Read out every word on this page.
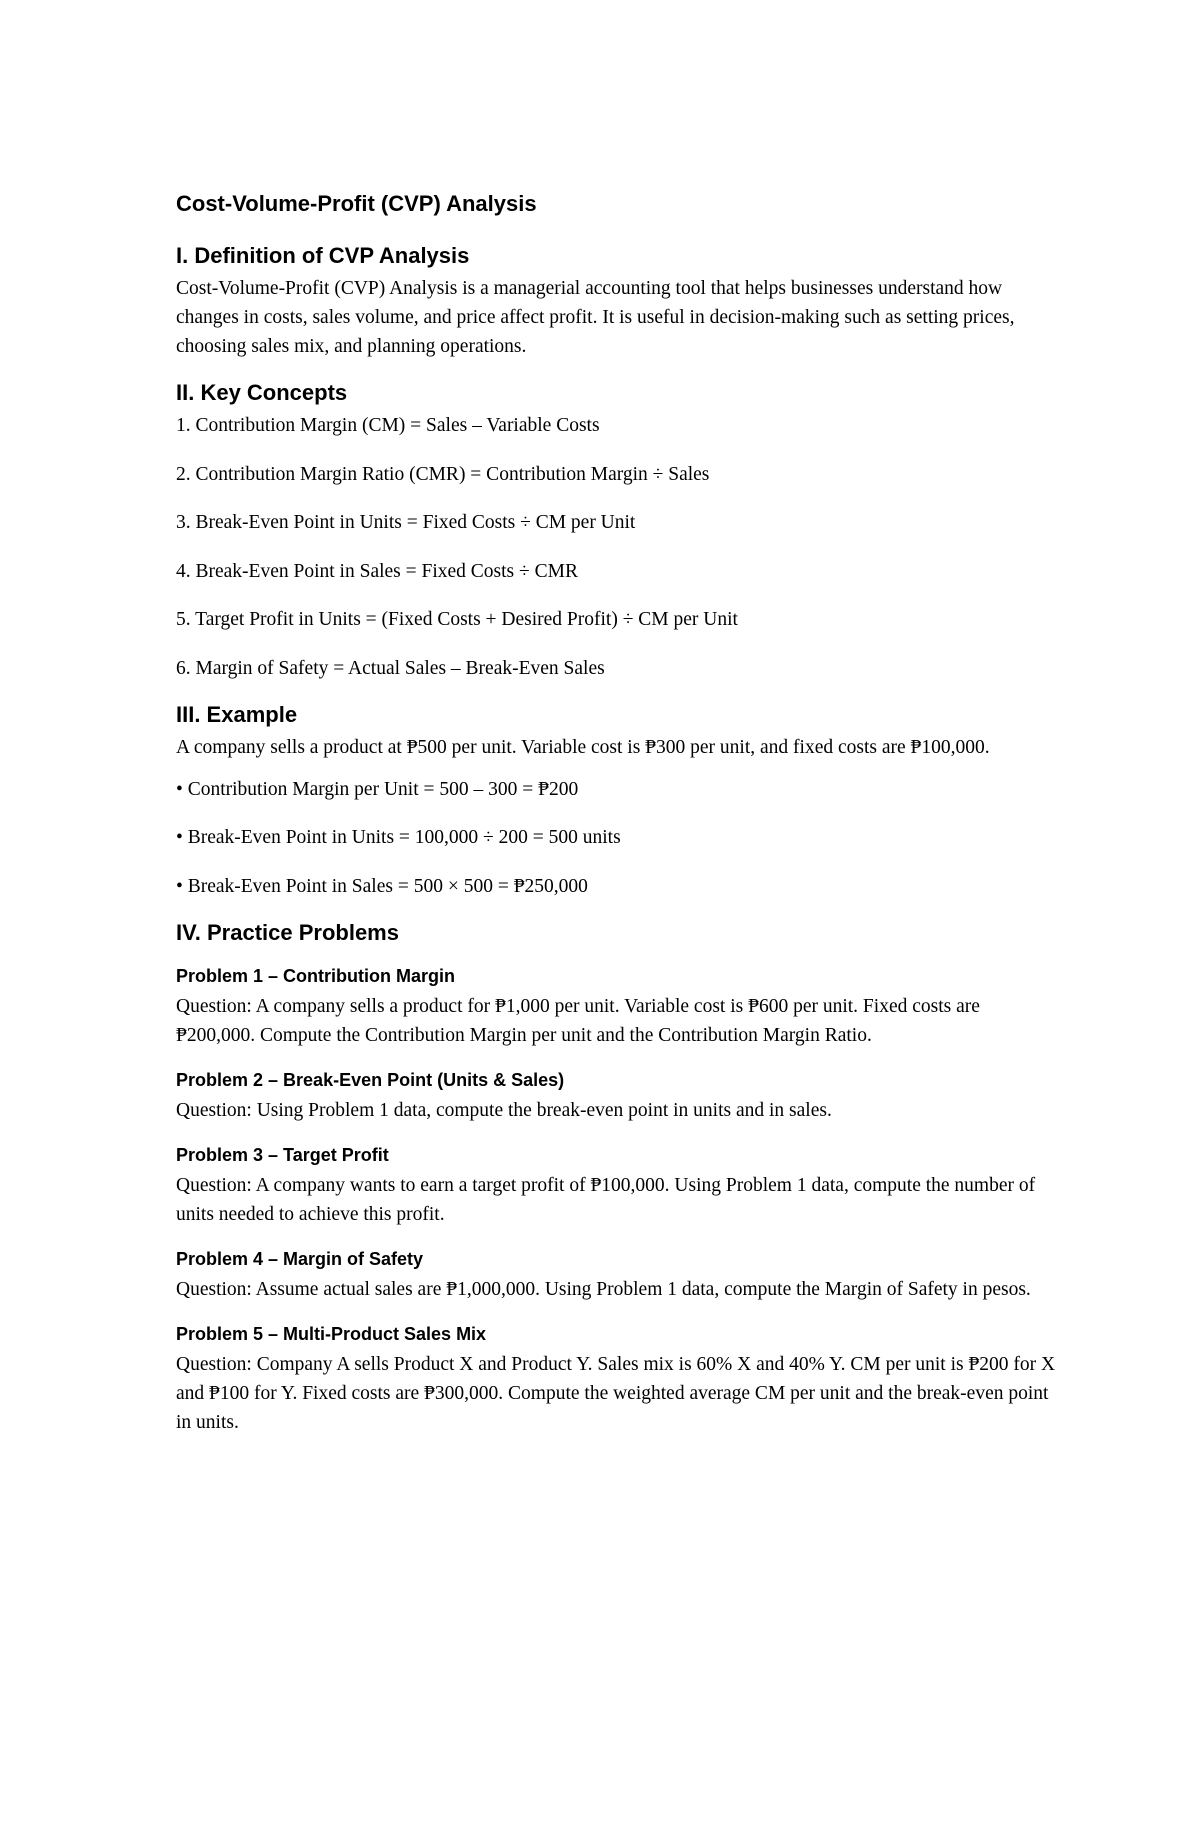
Cost-Volume-Profit (CVP) Analysis
I. Definition of CVP Analysis

Cost-Volume-Profit (CVP) Analysis is a managerial accounting tool that helps businesses understand how changes in costs, sales volume, and price affect profit. It is useful in decision-making such as setting prices, choosing sales mix, and planning operations.

II. Key Concepts

1. Contribution Margin (CM) = Sales – Variable Costs

2. Contribution Margin Ratio (CMR) = Contribution Margin ÷ Sales

3. Break-Even Point in Units = Fixed Costs ÷ CM per Unit

4. Break-Even Point in Sales = Fixed Costs ÷ CMR

5. Target Profit in Units = (Fixed Costs + Desired Profit) ÷ CM per Unit

6. Margin of Safety = Actual Sales – Break-Even Sales

III. Example

A company sells a product at ₱500 per unit. Variable cost is ₱300 per unit, and fixed costs are ₱100,000.

• Contribution Margin per Unit = 500 – 300 = ₱200

• Break-Even Point in Units = 100,000 ÷ 200 = 500 units

• Break-Even Point in Sales = 500 × 500 = ₱250,000

IV. Practice Problems
Problem 1 – Contribution Margin

Question: A company sells a product for ₱1,000 per unit. Variable cost is ₱600 per unit. Fixed costs are ₱200,000. Compute the Contribution Margin per unit and the Contribution Margin Ratio.

Problem 2 – Break-Even Point (Units & Sales)

Question: Using Problem 1 data, compute the break-even point in units and in sales.

Problem 3 – Target Profit

Question: A company wants to earn a target profit of ₱100,000. Using Problem 1 data, compute the number of units needed to achieve this profit.

Problem 4 – Margin of Safety

Question: Assume actual sales are ₱1,000,000. Using Problem 1 data, compute the Margin of Safety in pesos.

Problem 5 – Multi-Product Sales Mix

Question: Company A sells Product X and Product Y. Sales mix is 60% X and 40% Y. CM per unit is ₱200 for X and ₱100 for Y. Fixed costs are ₱300,000. Compute the weighted average CM per unit and the break-even point in units.
